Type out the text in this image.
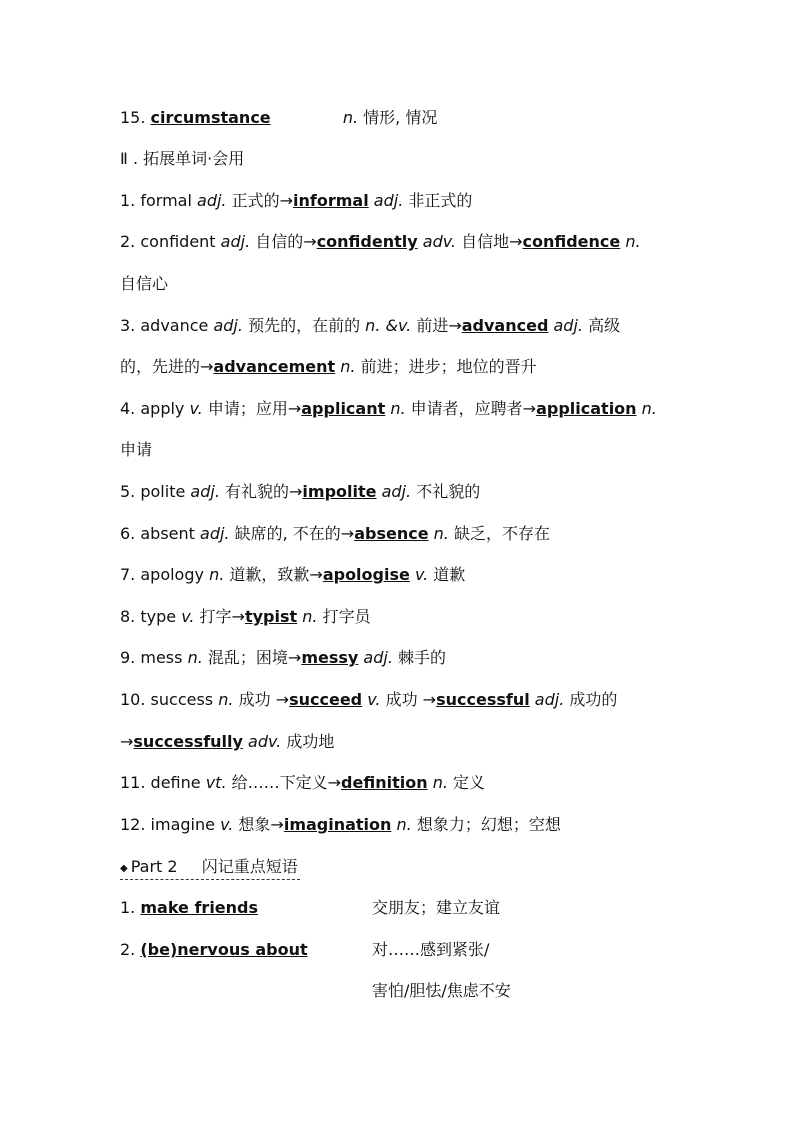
15. circumstance	n. 情形, 情况
Ⅱ . 拓展单词·会用
1. formal adj. 正式的→informal adj. 非正式的
2. confident adj. 自信的→confidently adv. 自信地→confidence n.
自信心
3. advance adj. 预先的，在前的 n. &v. 前进→advanced adj. 高级
的，先进的→advancement n. 前进；进步；地位的晋升
4. apply v. 申请；应用→applicant n. 申请者，应聘者→application n.
申请
5. polite adj. 有礼貌的→impolite adj. 不礼貌的
6. absent adj. 缺席的, 不在的→absence n. 缺乏，不存在
7. apology n. 道歉，致歉→apologise v. 道歉
8. type v. 打字→typist n. 打字员
9. mess n. 混乱；困境→messy adj. 棘手的
10. success n. 成功 →succeed v. 成功 →successful adj. 成功的
→successfully adv. 成功地
11. define vt. 给……下定义→definition n. 定义
12. imagine v. 想象→imagination n. 想象力；幻想；空想
◆ Part 2 闪记重点短语
1. make friends	交朋友；建立友谊
2. (be)nervous about	对……感到紧张/
害怕/胆怯/焦虑不安
